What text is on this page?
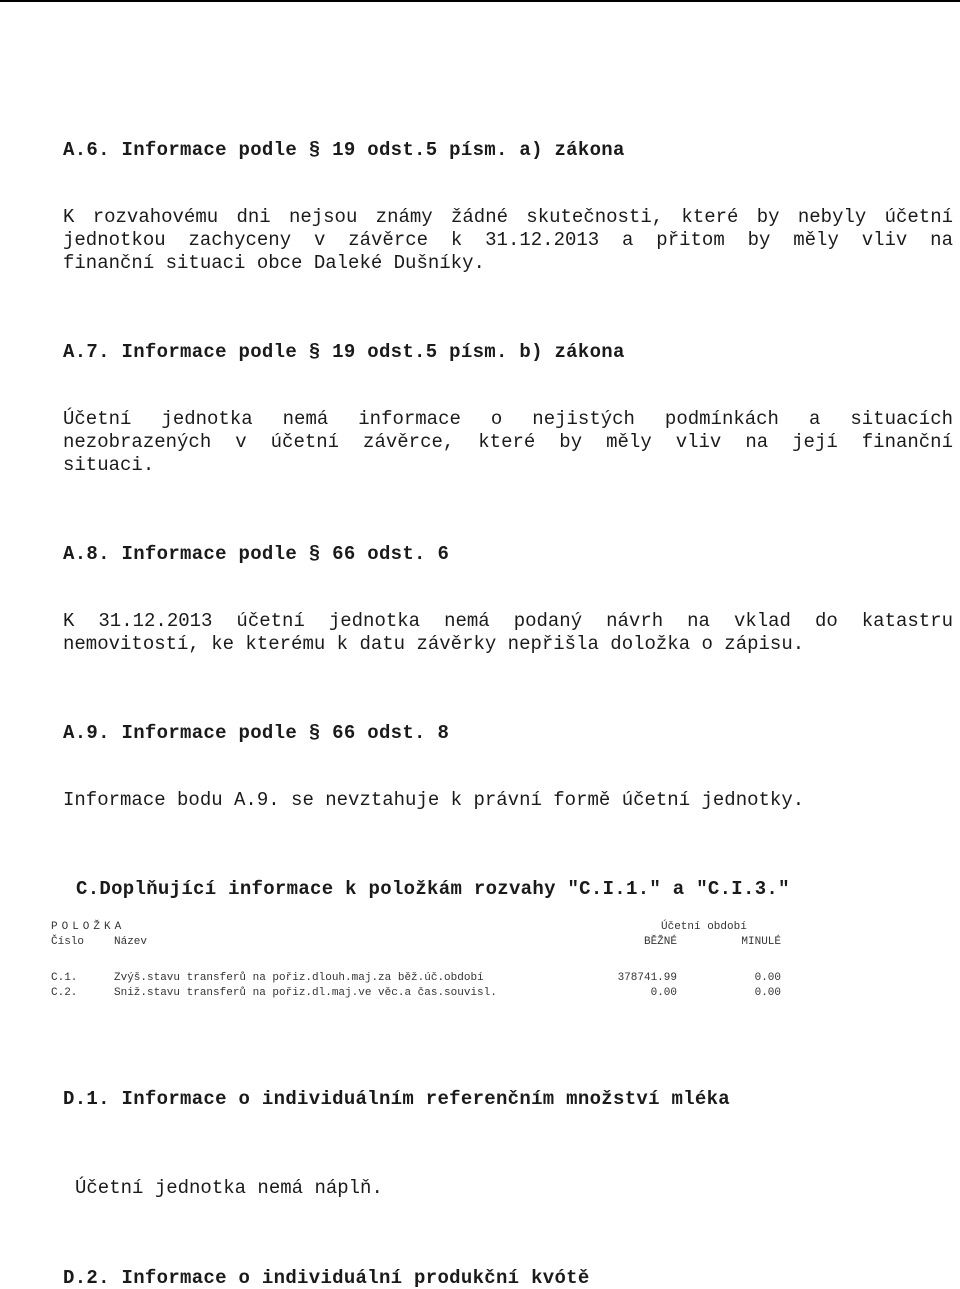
A.6. Informace podle § 19 odst.5 písm. a) zákona
K rozvahovému dni nejsou známy žádné skutečnosti, které by nebyly účetní
jednotkou zachyceny v závěrce k 31.12.2013 a přitom by měly vliv na
finanční situaci obce Daleké Dušníky.
A.7. Informace podle § 19 odst.5 písm. b) zákona
Účetní jednotka nemá informace o nejistých podmínkách a situacích
nezobrazených v účetní závěrce, které by měly vliv na její finanční
situaci.
A.8. Informace podle § 66 odst. 6
K 31.12.2013 účetní jednotka nemá podaný návrh na vklad do katastru
nemovitostí, ke kterému k datu závěrky nepřišla doložka o zápisu.
A.9. Informace podle § 66 odst. 8
Informace bodu A.9. se nevztahuje k právní formě účetní jednotky.
C.Doplňující informace k položkám rozvahy "C.I.1." a "C.I.3."
POLOŽKA	Účetní období
Číslo	Název	BĚŽNÉ	MINULÉ
C.1.	Zvýš.stavu transferů na pořiz.dlouh.maj.za běž.úč.období	378741.99	0.00
C.2.	Sniž.stavu transferů na pořiz.dl.maj.ve věc.a čas.souvisl.	0.00	0.00
D.1. Informace o individuálním referenčním množství mléka
Účetní jednotka nemá náplň.
D.2. Informace o individuální produkční kvótě
